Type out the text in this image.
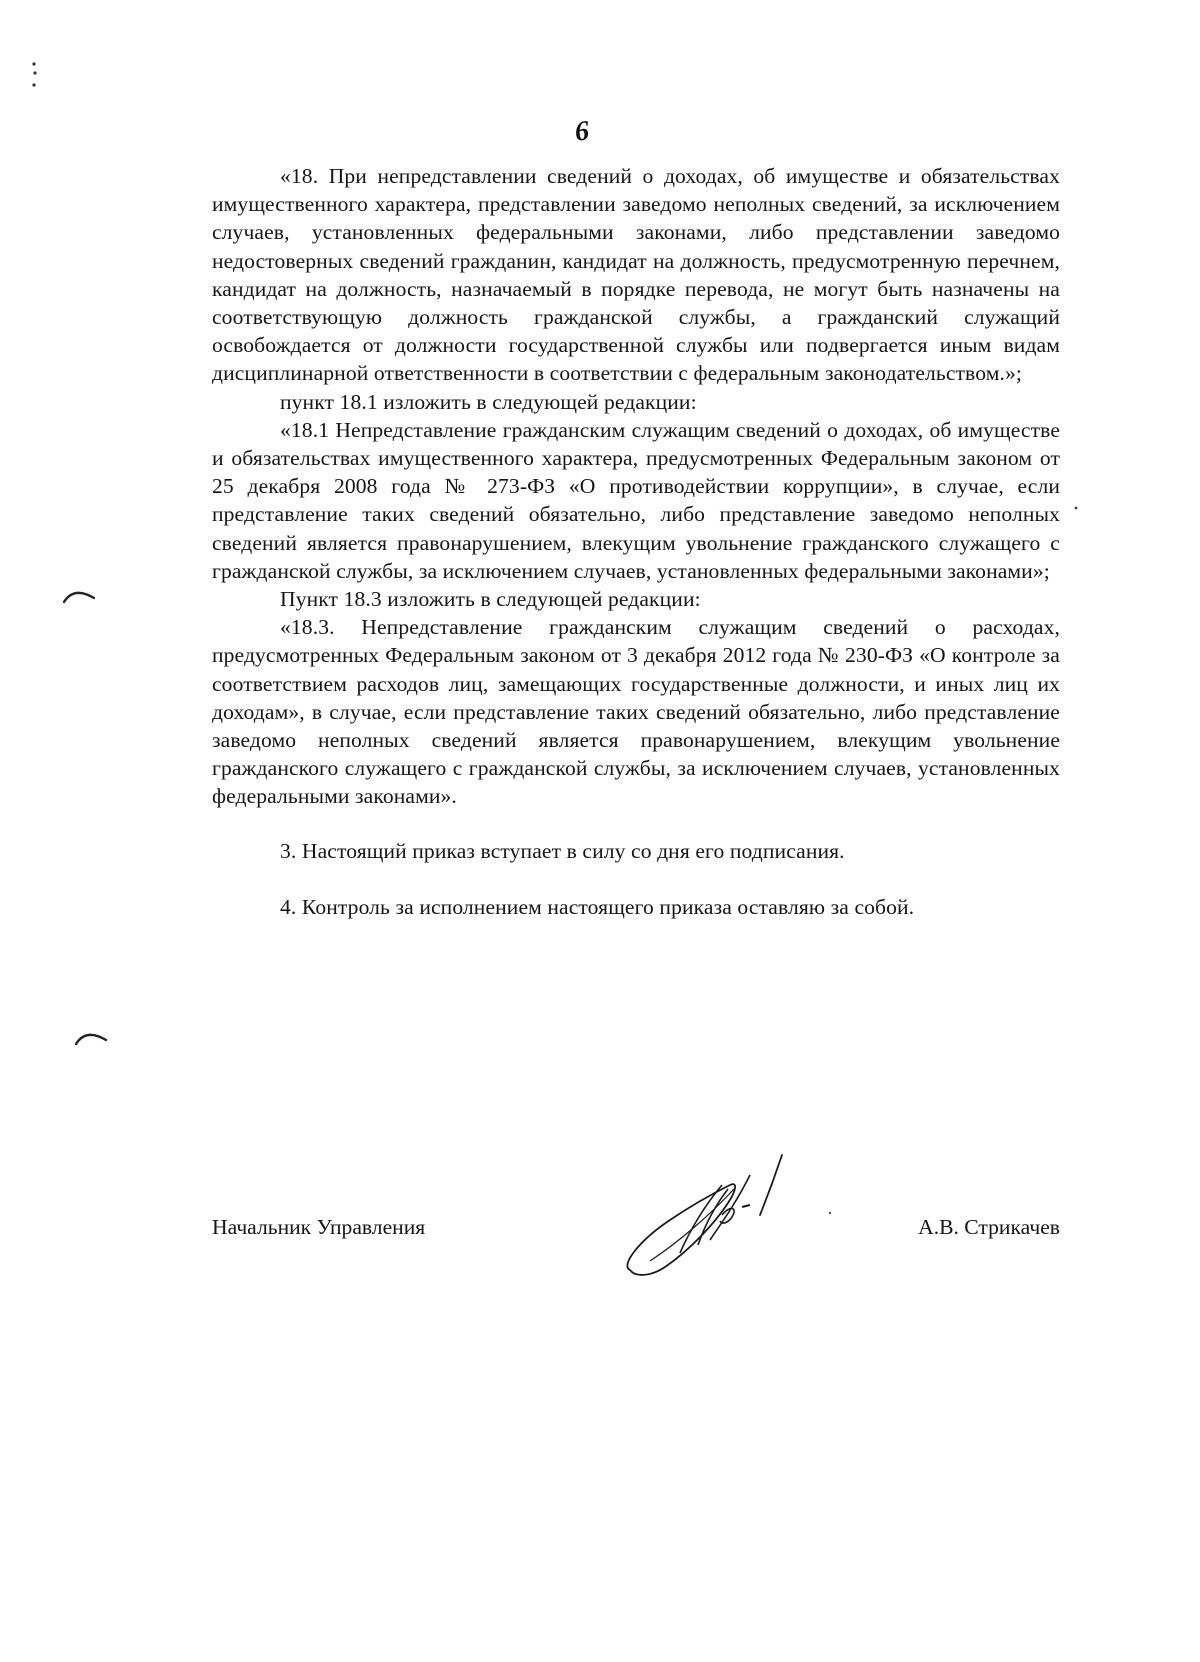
6

«18. При непредставлении сведений о доходах, об имуществе и обязательствах имущественного характера, представлении заведомо неполных сведений, за исключением случаев, установленных федеральными законами, либо представлении заведомо недостоверных сведений гражданин, кандидат на должность, предусмотренную перечнем, кандидат на должность, назначаемый в порядке перевода, не могут быть назначены на соответствующую должность гражданской службы, а гражданский служащий освобождается от должности государственной службы или подвергается иным видам дисциплинарной ответственности в соответствии с федеральным законодательством.»;

пункт 18.1 изложить в следующей редакции:

«18.1 Непредставление гражданским служащим сведений о доходах, об имуществе и обязательствах имущественного характера, предусмотренных Федеральным законом от 25 декабря 2008 года № 273-ФЗ «О противодействии коррупции», в случае, если представление таких сведений обязательно, либо представление заведомо неполных сведений является правонарушением, влекущим увольнение гражданского служащего с гражданской службы, за исключением случаев, установленных федеральными законами»;

Пункт 18.3 изложить в следующей редакции:

«18.3. Непредставление гражданским служащим сведений о расходах, предусмотренных Федеральным законом от 3 декабря 2012 года № 230-ФЗ «О контроле за соответствием расходов лиц, замещающих государственные должности, и иных лиц их доходам», в случае, если представление таких сведений обязательно, либо представление заведомо неполных сведений является правонарушением, влекущим увольнение гражданского служащего с гражданской службы, за исключением случаев, установленных федеральными законами».

3. Настоящий приказ вступает в силу со дня его подписания.

4. Контроль за исполнением настоящего приказа оставляю за собой.

Начальник Управления	А.В. Стрикачев
